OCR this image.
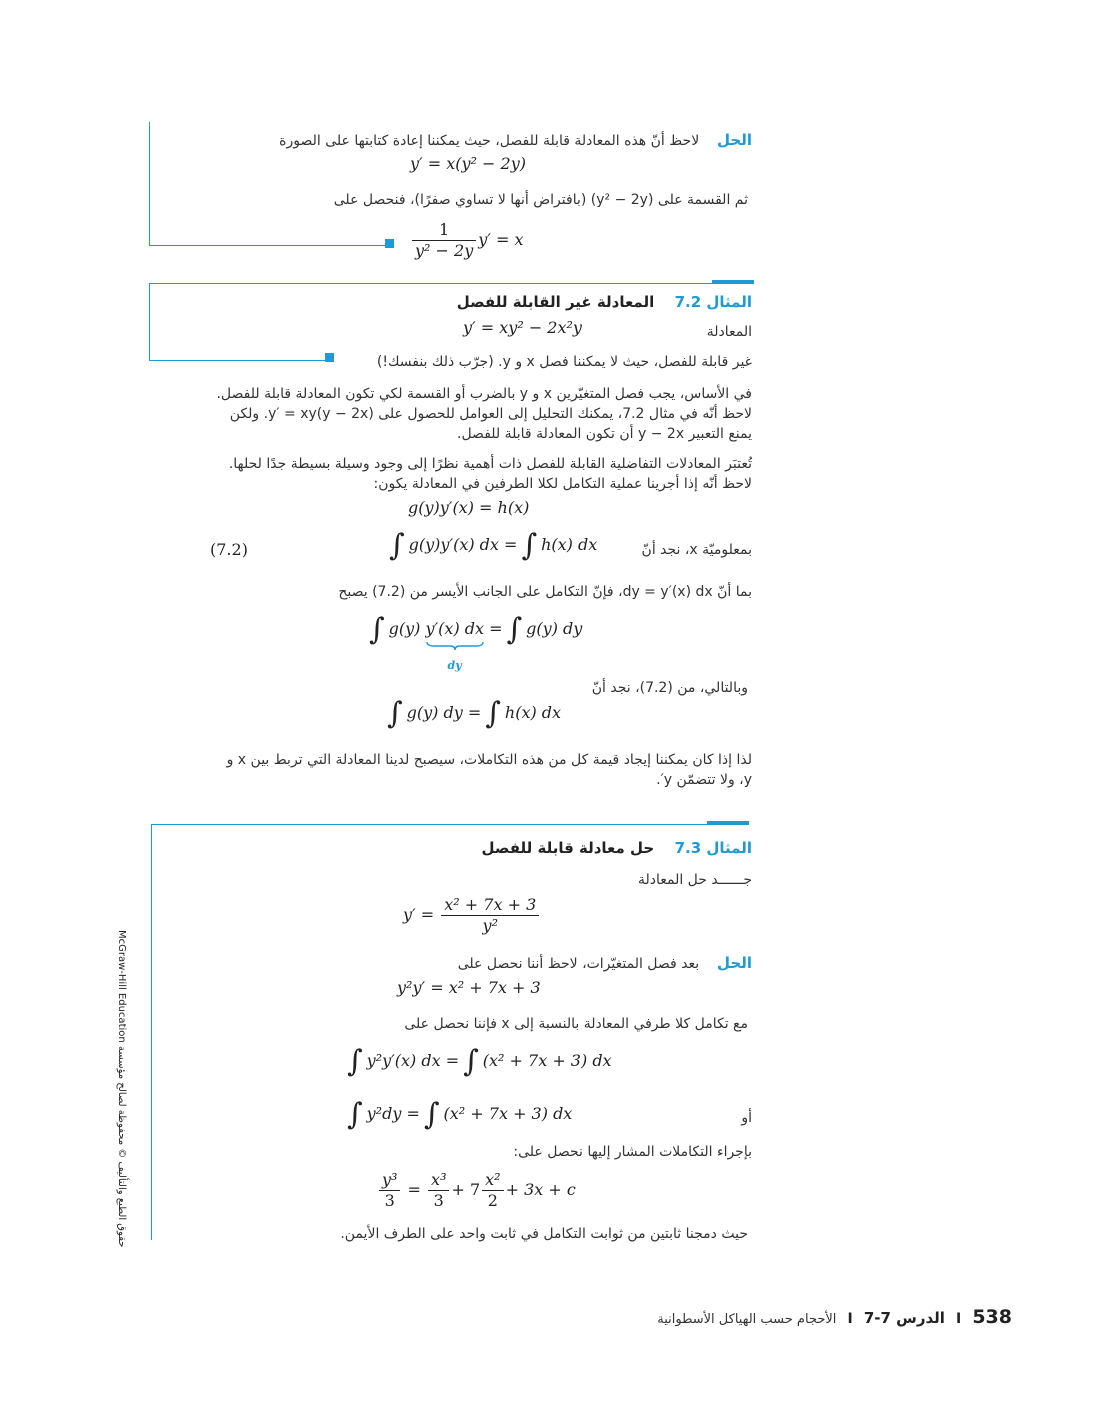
الحل    لاحظ أنّ هذه المعادلة قابلة للفصل، حيث يمكننا إعادة كتابتها على الصورة
y′ = x(y² − 2y)
ثم القسمة على (y² − 2y) (بافتراض أنها لا تساوي صفرًا)، فنحصل على
$\frac{1}{\text{y² − 2y}} y' = x$
المثال 7.2    المعادلة غير القابلة للفصل
المعادلة
y′ = xy² − 2x²y
غير قابلة للفصل، حيث لا يمكننا فصل x و y. (جرّب ذلك بنفسك!)
في الأساس، يجب فصل المتغيّرين x و y بالضرب أو القسمة لكي تكون المعادلة قابلة للفصل.
لاحظ أنّه في مثال 7.2، يمكنك التحليل إلى العوامل للحصول على y′ = xy(y − 2x). ولكن
يمنع التعبير y − 2x أن تكون المعادلة قابلة للفصل.
تُعتبَر المعادلات التفاضلية القابلة للفصل ذات أهمية نظرًا إلى وجود وسيلة بسيطة جدًا لحلها.
لاحظ أنّه إذا أجرينا عملية التكامل لكلا الطرفين في المعادلة يكون:
g(y)y′(x) = h(x)
(7.2)	∫ g(y)y′(x) dx = ∫ h(x) dx	بمعلوميّة x، نجد أنّ
بما أنّ dy = y′(x) dx، فإنّ التكامل على الجانب الأيسر من (7.2) يصبح
∫ g(y) y′(x) dx
dy
= ∫ g(y) dy
وبالتالي، من (7.2)، نجد أنّ
∫ g(y) dy = ∫ h(x) dx
لذا إذا كان يمكننا إيجاد قيمة كل من هذه التكاملات، سيصبح لدينا المعادلة التي تربط بين x و
y، ولا تتضمّن y′.
المثال 7.3    حل معادلة قابلة للفصل
جــــــد حل المعادلة
$y' = \frac{\text{x² + 7x + 3}}{\text{y²}}$
الحل    بعد فصل المتغيّرات، لاحظ أننا نحصل على
y²y′ = x² + 7x + 3
مع تكامل كلا طرفي المعادلة بالنسبة إلى x فإننا نحصل على
∫ y²y′(x) dx = ∫ (x² + 7x + 3) dx
∫ y²dy = ∫ (x² + 7x + 3) dx	أو
بإجراء التكاملات المشار إليها نحصل على:
$\frac{\text{y³}}{3} = \frac{\text{x³}}{3} + 7 \frac{\text{x²}}{2} + 3x + c$
حيث دمجنا ثابتين من ثوابت التكامل في ثابت واحد على الطرف الأيمن.
حقوق الطبع والتأليف © محفوظة لصالح مؤسسة McGraw-Hill Education
538 I الدرس 7-7 I الأحجام حسب الهياكل الأسطوانية
